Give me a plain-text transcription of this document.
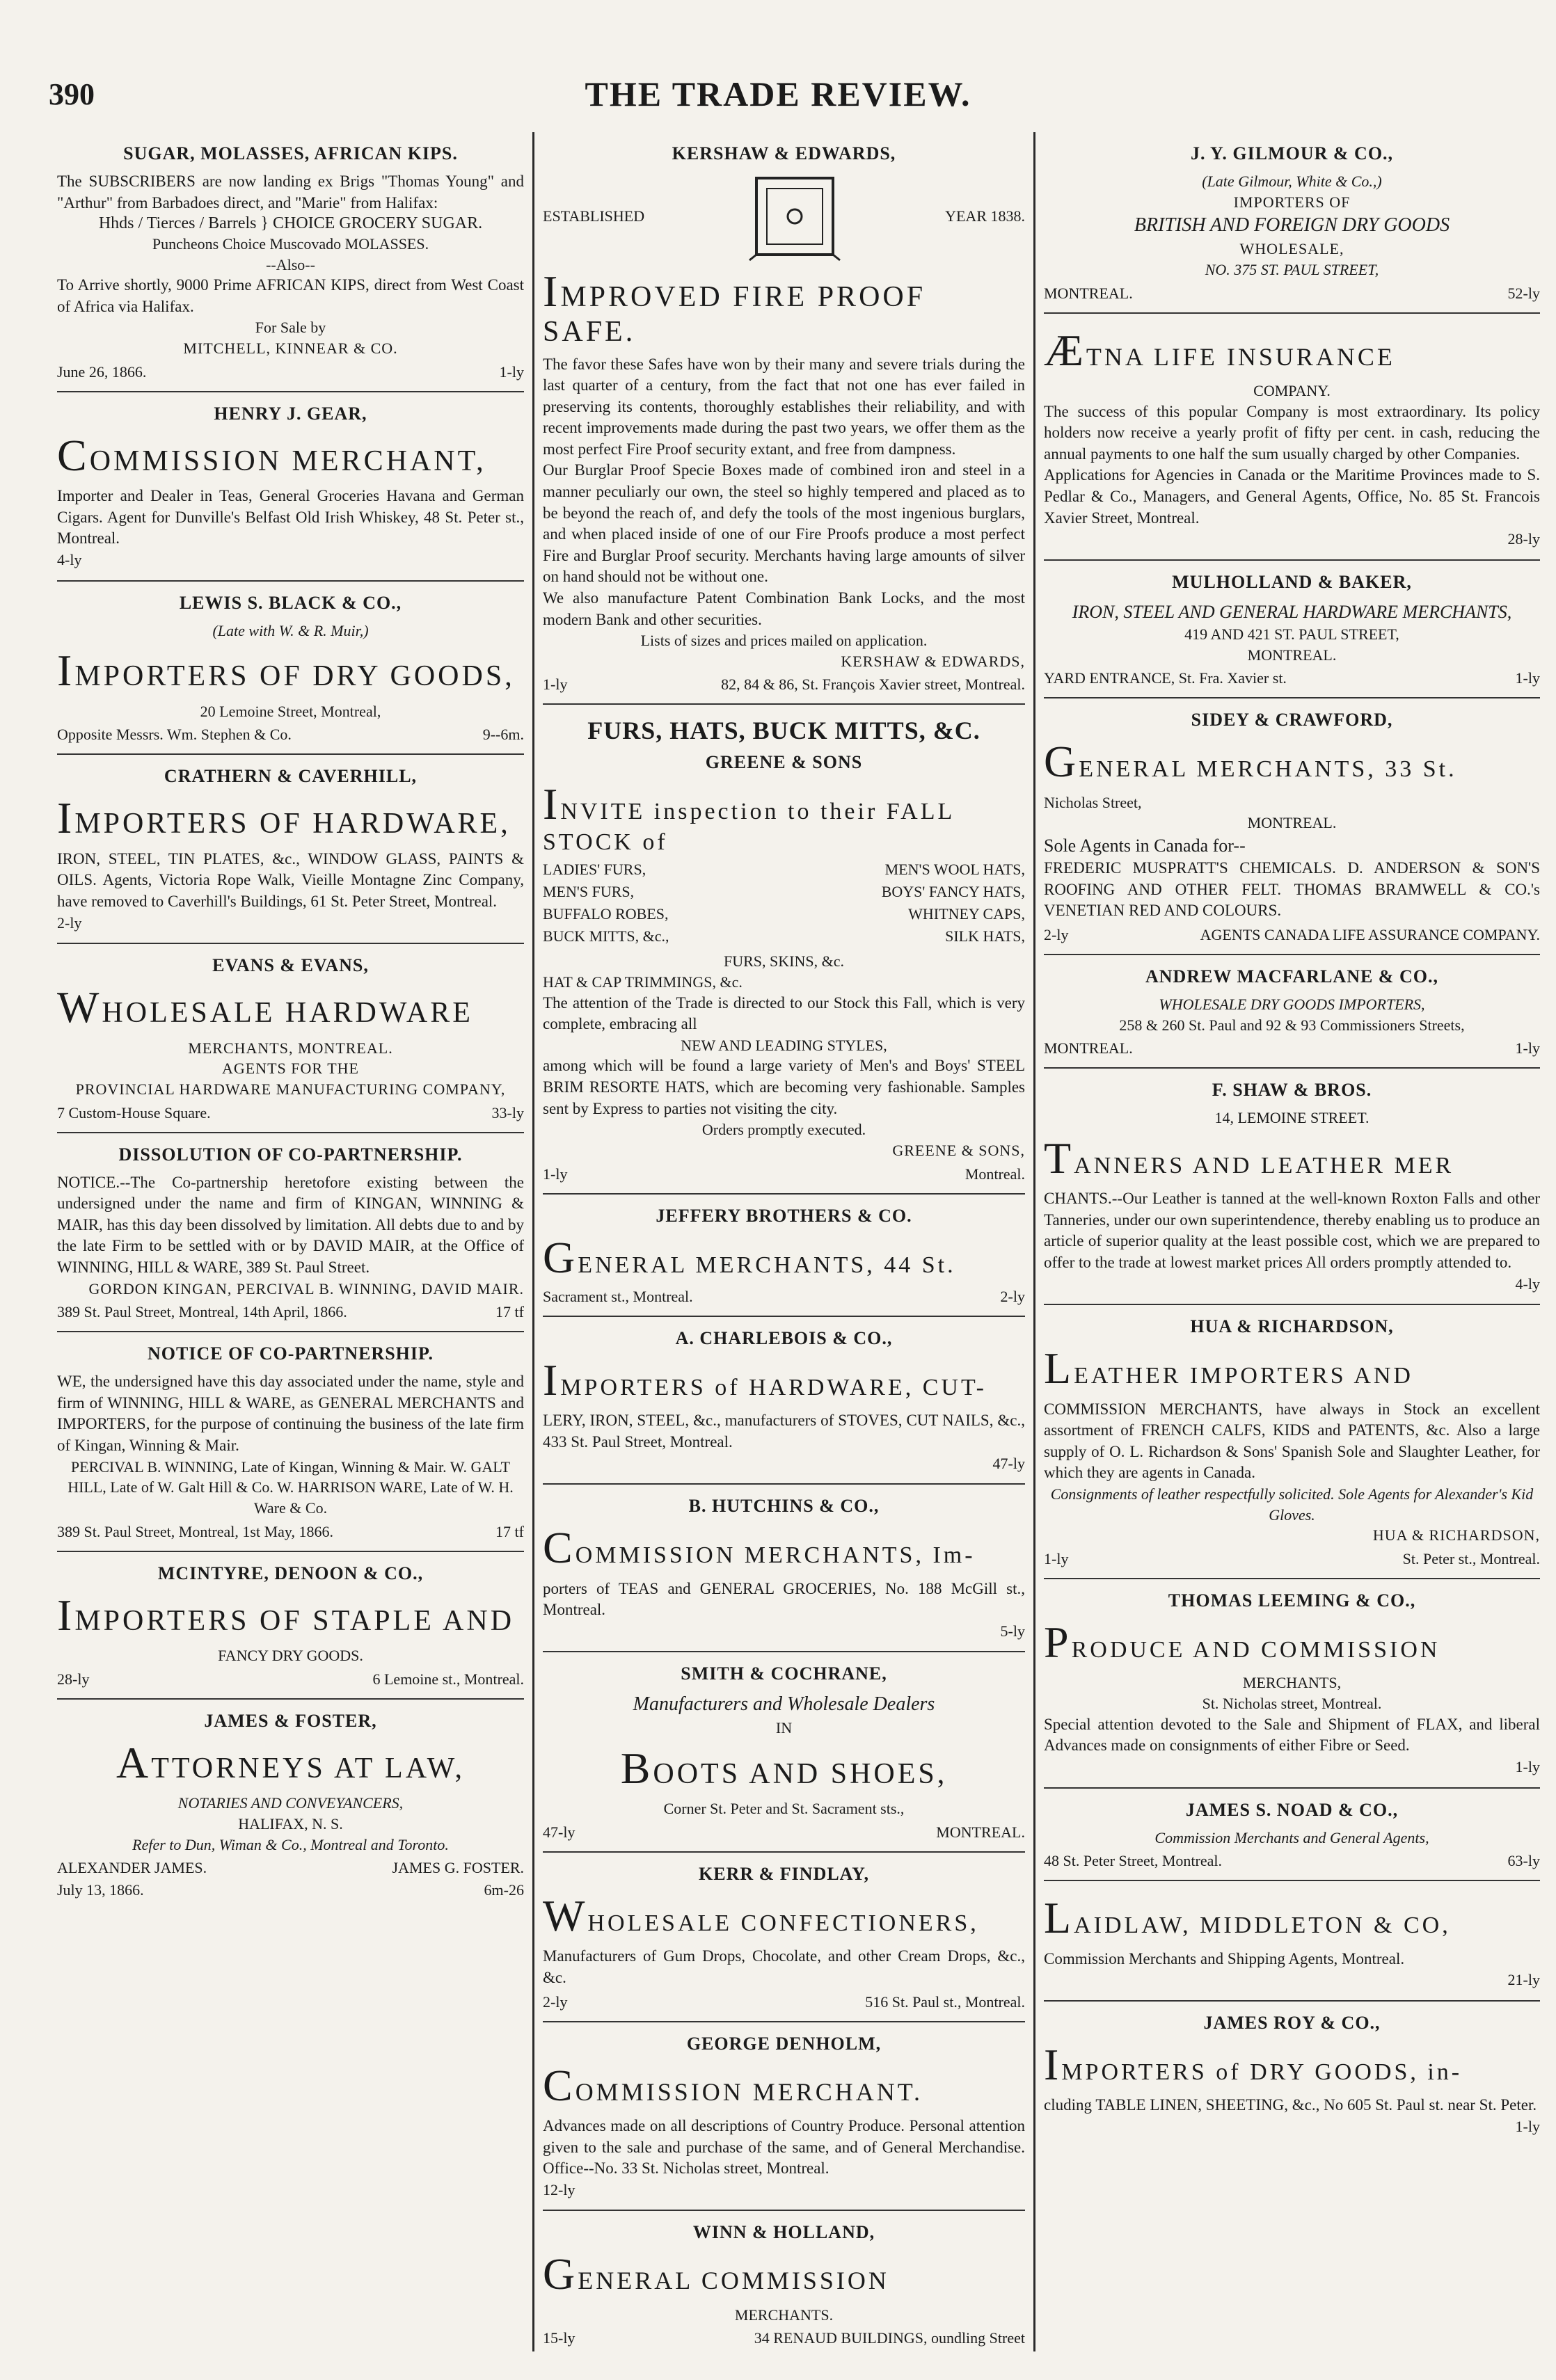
390	THE TRADE REVIEW.
SUGAR, MOLASSES, AFRICAN KIPS.
The SUBSCRIBERS are now landing ex Brigs "Thomas Young" and "Arthur" from Barbadoes direct, and "Marie" from Halifax:
Hhds / Tierces / Barrels } CHOICE GROCERY SUGAR.
Puncheons Choice Muscovado MOLASSES.
--Also--
To Arrive shortly, 9000 Prime AFRICAN KIPS, direct from West Coast of Africa via Halifax.
For Sale by
MITCHELL, KINNEAR & CO.
June 26, 1866.	1-ly
HENRY J. GEAR,
COMMISSION MERCHANT,
Importer and Dealer in Teas, General Groceries Havana and German Cigars. Agent for Dunville's Belfast Old Irish Whiskey, 48 St. Peter st., Montreal.
4-ly
LEWIS S. BLACK & CO.,
(Late with W. & R. Muir,)
IMPORTERS OF DRY GOODS,
20 Lemoine Street, Montreal,
Opposite Messrs. Wm. Stephen & Co.	9--6m.
CRATHERN & CAVERHILL,
IMPORTERS OF HARDWARE,
IRON, STEEL, TIN PLATES, &c., WINDOW GLASS, PAINTS & OILS. Agents, Victoria Rope Walk, Vieille Montagne Zinc Company, have removed to Caverhill's Buildings, 61 St. Peter Street, Montreal.
2-ly
EVANS & EVANS,
WHOLESALE HARDWARE
MERCHANTS, MONTREAL.
AGENTS FOR THE
PROVINCIAL HARDWARE MANUFACTURING COMPANY,
7 Custom-House Square.	33-ly
DISSOLUTION OF CO-PARTNERSHIP.
NOTICE.--The Co-partnership heretofore existing between the undersigned under the name and firm of KINGAN, WINNING & MAIR, has this day been dissolved by limitation. All debts due to and by the late Firm to be settled with or by DAVID MAIR, at the Office of WINNING, HILL & WARE, 389 St. Paul Street.
GORDON KINGAN, PERCIVAL B. WINNING, DAVID MAIR.
389 St. Paul Street, Montreal, 14th April, 1866.	17 tf
NOTICE OF CO-PARTNERSHIP.
WE, the undersigned have this day associated under the name, style and firm of WINNING, HILL & WARE, as GENERAL MERCHANTS and IMPORTERS, for the purpose of continuing the business of the late firm of Kingan, Winning & Mair.
PERCIVAL B. WINNING, Late of Kingan, Winning & Mair. W. GALT HILL, Late of W. Galt Hill & Co. W. HARRISON WARE, Late of W. H. Ware & Co.
389 St. Paul Street, Montreal, 1st May, 1866.	17 tf
MCINTYRE, DENOON & CO.,
IMPORTERS OF STAPLE AND
FANCY DRY GOODS.
28-ly	6 Lemoine st., Montreal.
JAMES & FOSTER,
ATTORNEYS AT LAW,
NOTARIES AND CONVEYANCERS,
HALIFAX, N. S.
Refer to Dun, Wiman & Co., Montreal and Toronto.
ALEXANDER JAMES.	JAMES G. FOSTER.
July 13, 1866.	6m-26
KERSHAW & EDWARDS,
ESTABLISHED	YEAR 1838.
IMPROVED FIRE PROOF SAFE.
The favor these Safes have won by their many and severe trials during the last quarter of a century, from the fact that not one has ever failed in preserving its contents, thoroughly establishes their reliability, and with recent improvements made during the past two years, we offer them as the most perfect Fire Proof security extant, and free from dampness.
Our Burglar Proof Specie Boxes made of combined iron and steel in a manner peculiarly our own, the steel so highly tempered and placed as to be beyond the reach of, and defy the tools of the most ingenious burglars, and when placed inside of one of our Fire Proofs produce a most perfect Fire and Burglar Proof security. Merchants having large amounts of silver on hand should not be without one.
We also manufacture Patent Combination Bank Locks, and the most modern Bank and other securities.
Lists of sizes and prices mailed on application.
KERSHAW & EDWARDS,
1-ly	82, 84 & 86, St. François Xavier street, Montreal.
FURS, HATS, BUCK MITTS, &C.
GREENE & SONS
INVITE inspection to their FALL STOCK of
LADIES' FURS,	MEN'S WOOL HATS,
MEN'S FURS,	BOYS' FANCY HATS,
BUFFALO ROBES,	WHITNEY CAPS,
BUCK MITTS, &c.,	SILK HATS,
FURS, SKINS, &c.
HAT & CAP TRIMMINGS, &c.
The attention of the Trade is directed to our Stock this Fall, which is very complete, embracing all
NEW AND LEADING STYLES,
among which will be found a large variety of Men's and Boys' STEEL BRIM RESORTE HATS, which are becoming very fashionable. Samples sent by Express to parties not visiting the city.
Orders promptly executed.
GREENE & SONS,
1-ly	Montreal.
JEFFERY BROTHERS & CO.
GENERAL MERCHANTS, 44 St.
Sacrament st., Montreal.	2-ly
A. CHARLEBOIS & CO.,
IMPORTERS of HARDWARE, CUT-
LERY, IRON, STEEL, &c., manufacturers of STOVES, CUT NAILS, &c., 433 St. Paul Street, Montreal.
47-ly
B. HUTCHINS & CO.,
COMMISSION MERCHANTS, Im-
porters of TEAS and GENERAL GROCERIES, No. 188 McGill st., Montreal.
5-ly
SMITH & COCHRANE,
Manufacturers and Wholesale Dealers
IN
BOOTS AND SHOES,
Corner St. Peter and St. Sacrament sts.,
47-ly	MONTREAL.
KERR & FINDLAY,
WHOLESALE CONFECTIONERS,
Manufacturers of Gum Drops, Chocolate, and other Cream Drops, &c., &c.
2-ly	516 St. Paul st., Montreal.
GEORGE DENHOLM,
COMMISSION MERCHANT.
Advances made on all descriptions of Country Produce. Personal attention given to the sale and purchase of the same, and of General Merchandise. Office--No. 33 St. Nicholas street, Montreal.
12-ly
WINN & HOLLAND,
GENERAL COMMISSION
MERCHANTS.
15-ly	34 RENAUD BUILDINGS, oundling Street
J. Y. GILMOUR & CO.,
(Late Gilmour, White & Co.,)
IMPORTERS OF
BRITISH AND FOREIGN DRY GOODS
WHOLESALE,
NO. 375 ST. PAUL STREET,
MONTREAL.	52-ly
ÆTNA LIFE INSURANCE
COMPANY.
The success of this popular Company is most extraordinary. Its policy holders now receive a yearly profit of fifty per cent. in cash, reducing the annual payments to one half the sum usually charged by other Companies.
Applications for Agencies in Canada or the Maritime Provinces made to S. Pedlar & Co., Managers, and General Agents, Office, No. 85 St. Francois Xavier Street, Montreal.
28-ly
MULHOLLAND & BAKER,
IRON, STEEL AND GENERAL HARDWARE MERCHANTS,
419 AND 421 ST. PAUL STREET,
MONTREAL.
YARD ENTRANCE, St. Fra. Xavier st.	1-ly
SIDEY & CRAWFORD,
GENERAL MERCHANTS, 33 St.
Nicholas Street,
MONTREAL.
Sole Agents in Canada for--
FREDERIC MUSPRATT'S CHEMICALS. D. ANDERSON & SON'S ROOFING AND OTHER FELT. THOMAS BRAMWELL & CO.'s VENETIAN RED AND COLOURS.
2-ly	AGENTS CANADA LIFE ASSURANCE COMPANY.
ANDREW MACFARLANE & CO.,
WHOLESALE DRY GOODS IMPORTERS,
258 & 260 St. Paul and 92 & 93 Commissioners Streets,
MONTREAL.	1-ly
F. SHAW & BROS.
14, LEMOINE STREET.
TANNERS AND LEATHER MER
CHANTS.--Our Leather is tanned at the well-known Roxton Falls and other Tanneries, under our own superintendence, thereby enabling us to produce an article of superior quality at the least possible cost, which we are prepared to offer to the trade at lowest market prices All orders promptly attended to.
4-ly
HUA & RICHARDSON,
LEATHER IMPORTERS AND
COMMISSION MERCHANTS, have always in Stock an excellent assortment of FRENCH CALFS, KIDS and PATENTS, &c. Also a large supply of O. L. Richardson & Sons' Spanish Sole and Slaughter Leather, for which they are agents in Canada.
Consignments of leather respectfully solicited. Sole Agents for Alexander's Kid Gloves.
HUA & RICHARDSON,
1-ly	St. Peter st., Montreal.
THOMAS LEEMING & CO.,
PRODUCE AND COMMISSION
MERCHANTS,
St. Nicholas street, Montreal.
Special attention devoted to the Sale and Shipment of FLAX, and liberal Advances made on consignments of either Fibre or Seed.
1-ly
JAMES S. NOAD & CO.,
Commission Merchants and General Agents,
48 St. Peter Street, Montreal.	63-ly
LAIDLAW, MIDDLETON & CO,
Commission Merchants and Shipping Agents, Montreal.
21-ly
JAMES ROY & CO.,
IMPORTERS of DRY GOODS, in-
cluding TABLE LINEN, SHEETING, &c., No 605 St. Paul st. near St. Peter.
1-ly
